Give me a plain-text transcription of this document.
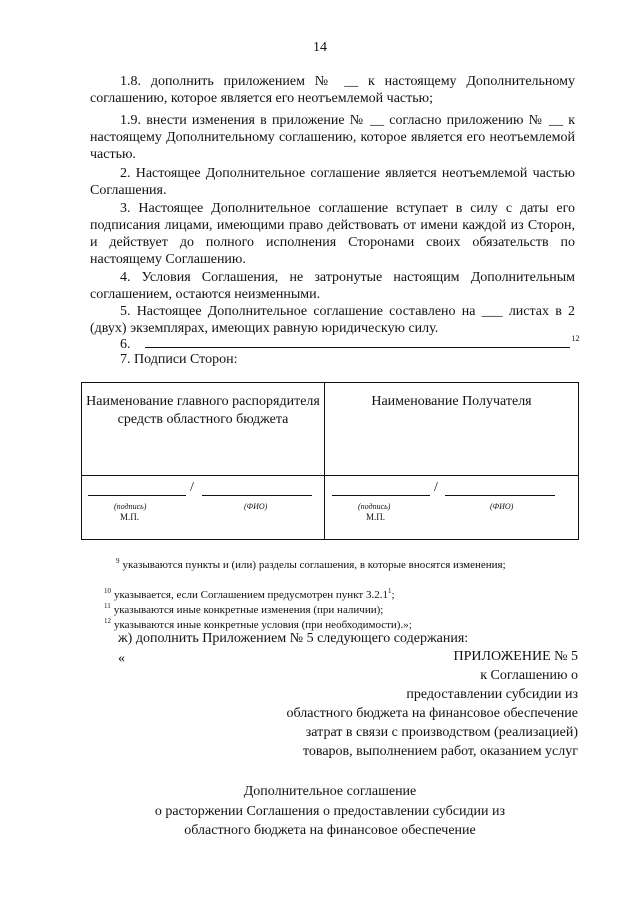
14

1.8. дополнить приложением № __ к настоящему Дополнительному соглашению, которое является его неотъемлемой частью;

1.9. внести изменения в приложение № __ согласно приложению № __ к настоящему Дополнительному соглашению, которое является его неотъемлемой частью.

2. Настоящее Дополнительное соглашение является неотъемлемой частью Соглашения.

3. Настоящее Дополнительное соглашение вступает в силу с даты его подписания лицами, имеющими право действовать от имени каждой из Сторон, и действует до полного исполнения Сторонами своих обязательств по настоящему Соглашению.

4. Условия Соглашения, не затронутые настоящим Дополнительным соглашением, остаются неизменными.

5. Настоящее Дополнительное соглашение составлено на ___ листах в 2 (двух) экземплярах, имеющих равную юридическую силу.

6.	$^{12}$
7. Подписи Сторон:
Наименование главного распорядителя средств областного бюджета
Наименование Получателя
/
(подпись)	(ФИО)
М.П.
/
(подпись)	(ФИО)
М.П.
$^9$ указываются пункты и (или) разделы соглашения, в которые вносятся изменения;
$^{10}$ указывается, если Соглашением предусмотрен пункт 3.2.1$^1$;
$^{11}$ указываются иные конкретные изменения (при наличии);
$^{12}$ указываются иные конкретные условия (при необходимости).»;
ж) дополнить Приложением № 5 следующего содержания:
«	ПРИЛОЖЕНИЕ № 5
к Соглашению о
предоставлении субсидии из
областного бюджета на финансовое обеспечение
затрат в связи с производством (реализацией)
товаров, выполнением работ, оказанием услуг
Дополнительное соглашение
о расторжении Соглашения о предоставлении субсидии из
областного бюджета на финансовое обеспечение
